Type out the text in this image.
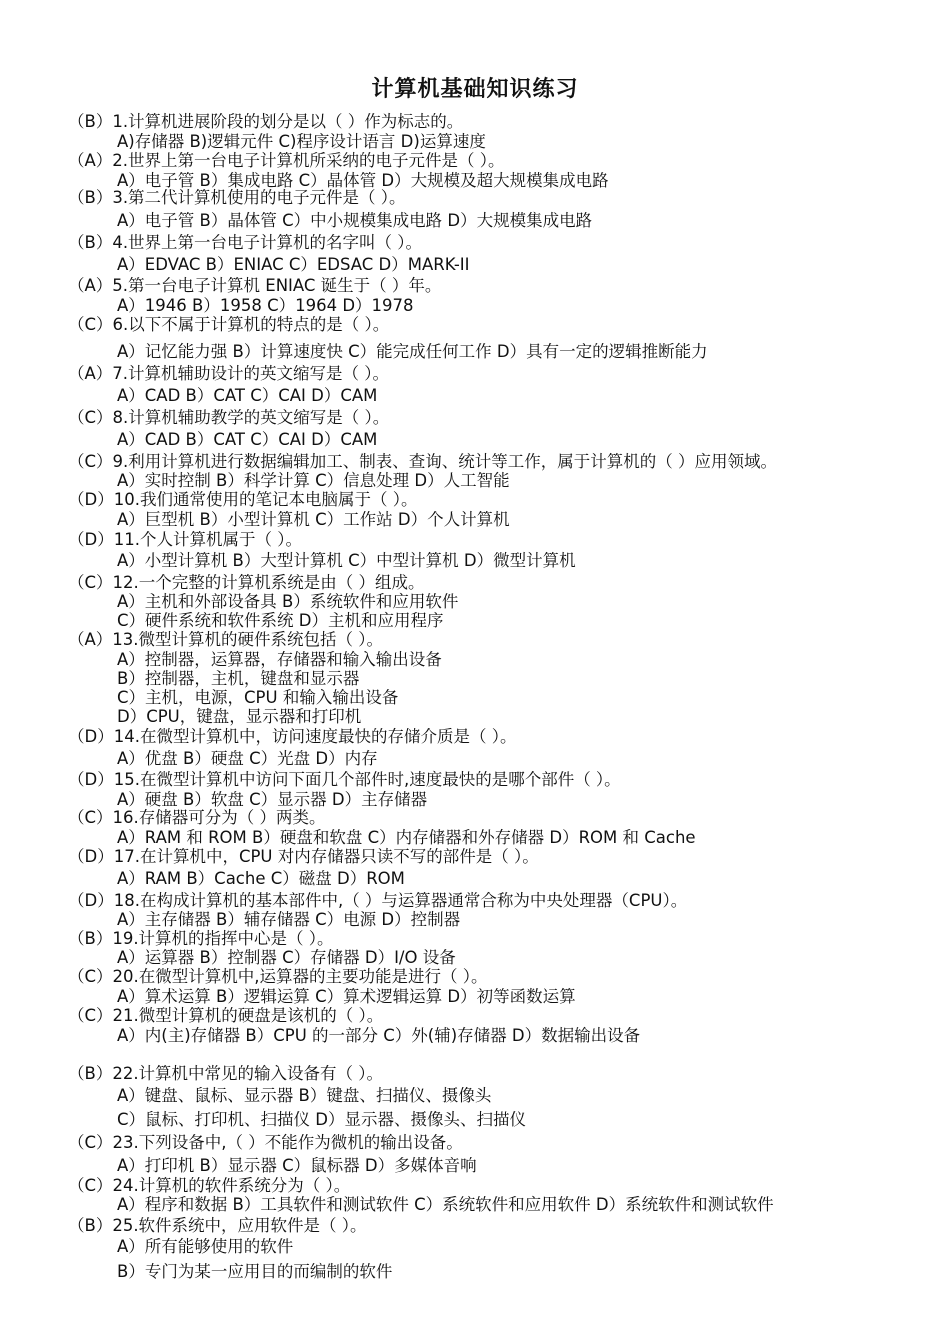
计算机基础知识练习
（B）1.计算机进展阶段的划分是以（ ）作为标志的。
A)存储器 B)逻辑元件 C)程序设计语言 D)运算速度
（A）2.世界上第一台电子计算机所采纳的电子元件是（ ）。
A）电子管 B）集成电路 C）晶体管 D）大规模及超大规模集成电路
（B）3.第二代计算机使用的电子元件是（ ）。
A）电子管 B）晶体管 C）中小规模集成电路 D）大规模集成电路
（B）4.世界上第一台电子计算机的名字叫（ ）。
A）EDVAC B）ENIAC C）EDSAC D）MARK-II
（A）5.第一台电子计算机 ENIAC 诞生于（ ）年。
A）1946 B）1958 C）1964 D）1978
（C）6.以下不属于计算机的特点的是（ ）。
A）记忆能力强 B）计算速度快 C）能完成任何工作 D）具有一定的逻辑推断能力
（A）7.计算机辅助设计的英文缩写是（ ）。
A）CAD B）CAT C）CAI D）CAM
（C）8.计算机辅助教学的英文缩写是（ ）。
A）CAD B）CAT C）CAI D）CAM
（C）9.利用计算机进行数据编辑加工、制表、查询、统计等工作，属于计算机的（ ）应用领域。
A）实时控制 B）科学计算 C）信息处理 D）人工智能
（D）10.我们通常使用的笔记本电脑属于（ ）。
A）巨型机 B）小型计算机 C）工作站 D）个人计算机
（D）11.个人计算机属于（ ）。
A）小型计算机 B）大型计算机 C）中型计算机 D）微型计算机
（C）12.一个完整的计算机系统是由（ ）组成。
A）主机和外部设备具 B）系统软件和应用软件
C）硬件系统和软件系统 D）主机和应用程序
（A）13.微型计算机的硬件系统包括（ ）。
A）控制器，运算器，存储器和输入输出设备
B）控制器，主机，键盘和显示器
C）主机，电源，CPU 和输入输出设备
D）CPU，键盘，显示器和打印机
（D）14.在微型计算机中，访问速度最快的存储介质是（ ）。
A）优盘 B）硬盘 C）光盘 D）内存
（D）15.在微型计算机中访问下面几个部件时,速度最快的是哪个部件（ ）。
A）硬盘 B）软盘 C）显示器 D）主存储器
（C）16.存储器可分为（ ）两类。
A）RAM 和 ROM B）硬盘和软盘 C）内存储器和外存储器 D）ROM 和 Cache
（D）17.在计算机中，CPU 对内存储器只读不写的部件是（ ）。
A）RAM B）Cache C）磁盘 D）ROM
（D）18.在构成计算机的基本部件中,（ ）与运算器通常合称为中央处理器（CPU）。
A）主存储器 B）辅存储器 C）电源 D）控制器
（B）19.计算机的指挥中心是（ ）。
A）运算器 B）控制器 C）存储器 D）I/O 设备
（C）20.在微型计算机中,运算器的主要功能是进行（ ）。
A）算术运算 B）逻辑运算 C）算术逻辑运算 D）初等函数运算
（C）21.微型计算机的硬盘是该机的（ ）。
A）内(主)存储器 B）CPU 的一部分 C）外(辅)存储器 D）数据输出设备
（B）22.计算机中常见的输入设备有（ ）。
A）键盘、鼠标、显示器 B）键盘、扫描仪、摄像头
C）鼠标、打印机、扫描仪 D）显示器、摄像头、扫描仪
（C）23.下列设备中,（ ）不能作为微机的输出设备。
A）打印机 B）显示器 C）鼠标器 D）多媒体音响
（C）24.计算机的软件系统分为（ ）。
A）程序和数据 B）工具软件和测试软件 C）系统软件和应用软件 D）系统软件和测试软件
（B）25.软件系统中，应用软件是（ ）。
A）所有能够使用的软件
B）专门为某一应用目的而编制的软件
